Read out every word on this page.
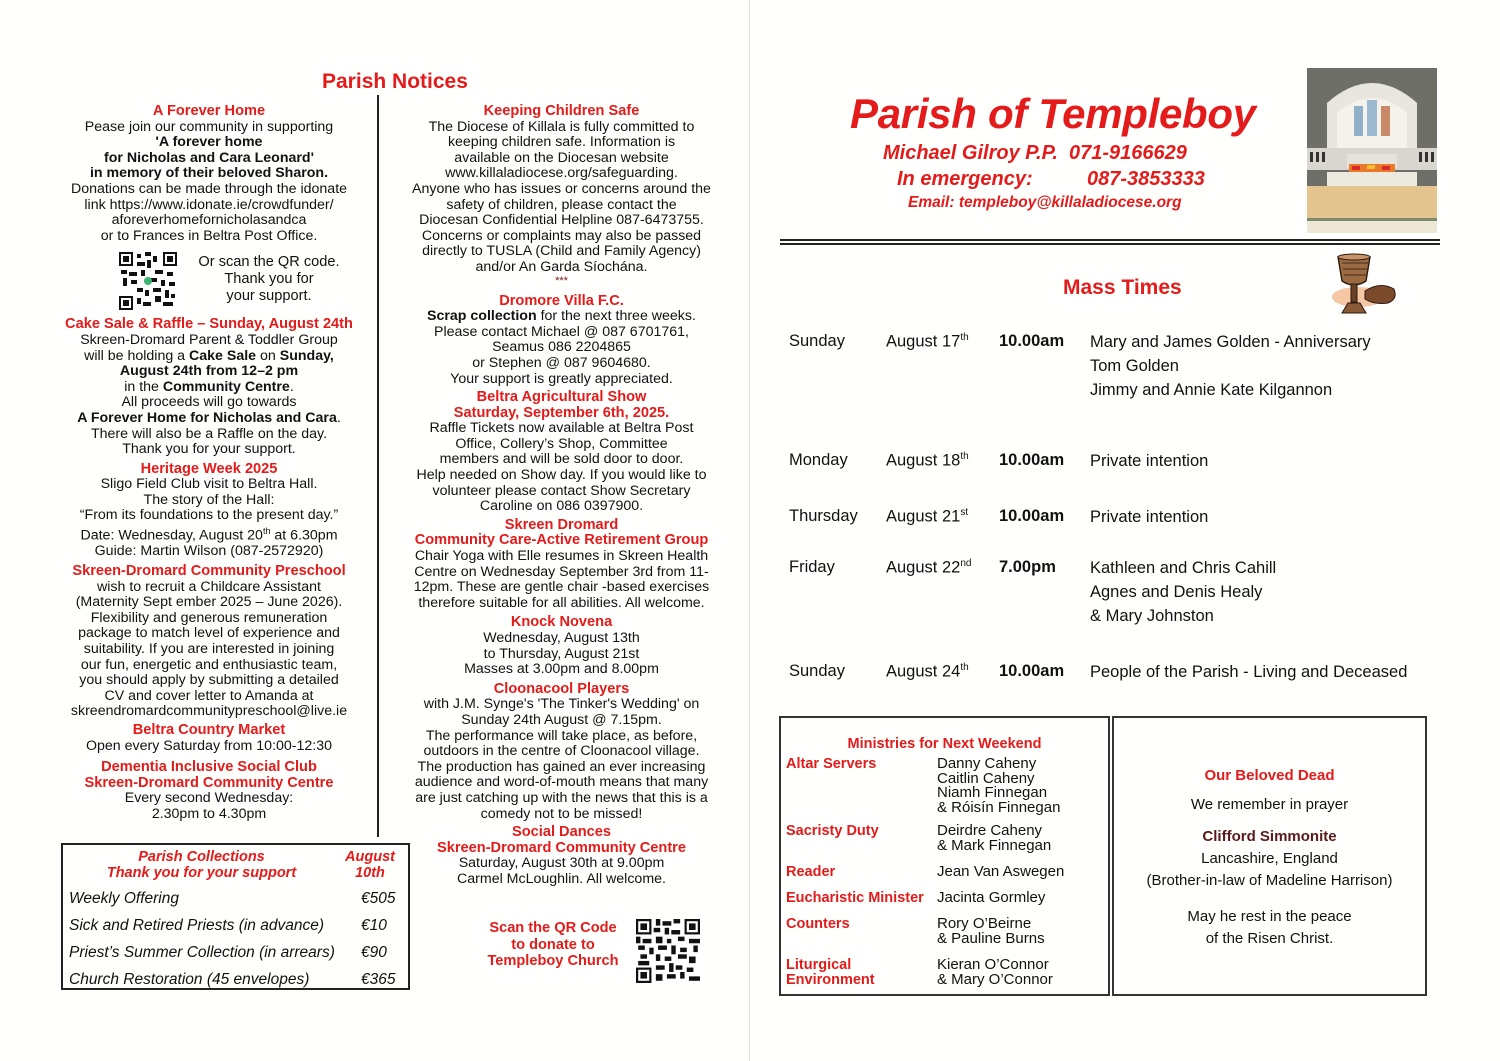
Parish Notices
A Forever Home
Pease join our community in supporting
'A forever home
for Nicholas and Cara Leonard'
in memory of their beloved Sharon.
Donations can be made through the idonate
link https://www.idonate.ie/crowdfunder/
aforeverhomefornicholasandca
or to Frances in Beltra Post Office.
Or scan the QR code.
Thank you for
your support.
Cake Sale & Raffle – Sunday, August 24th
Skreen-Dromard Parent & Toddler Group
will be holding a Cake Sale on Sunday,
August 24th from 12–2 pm
in the Community Centre.
All proceeds will go towards
A Forever Home for Nicholas and Cara.
There will also be a Raffle on the day.
Thank you for your support.
Heritage Week 2025
Sligo Field Club visit to Beltra Hall.
The story of the Hall:
“From its foundations to the present day.”
Date: Wednesday, August 20th at 6.30pm
Guide: Martin Wilson (087-2572920)
Skreen-Dromard Community Preschool
wish to recruit a Childcare Assistant
(Maternity Sept ember 2025 – June 2026).
Flexibility and generous remuneration
package to match level of experience and
suitability. If you are interested in joining
our fun, energetic and enthusiastic team,
you should apply by submitting a detailed
CV and cover letter to Amanda at
skreendromardcommunitypreschool@live.ie
Beltra Country Market
Open every Saturday from 10:00-12:30
Dementia Inclusive Social Club
Skreen-Dromard Community Centre
Every second Wednesday:
2.30pm to 4.30pm
Parish Collections
Thank you for your support
August
10th
Weekly Offering	€505
Sick and Retired Priests (in advance) €10
Priest’s Summer Collection (in arrears) €90
Church Restoration (45 envelopes)	€365
Keeping Children Safe
The Diocese of Killala is fully committed to
keeping children safe. Information is
available on the Diocesan website
www.killaladiocese.org/safeguarding.
Anyone who has issues or concerns around the
safety of children, please contact the
Diocesan Confidential Helpline 087-6473755.
Concerns or complaints may also be passed
directly to TUSLA (Child and Family Agency)
and/or An Garda Síochána.
***
Dromore Villa F.C.
Scrap collection for the next three weeks.
Please contact Michael @ 087 6701761,
Seamus 086 2204865
or Stephen @ 087 9604680.
Your support is greatly appreciated.
Beltra Agricultural Show
Saturday, September 6th, 2025.
Raffle Tickets now available at Beltra Post
Office, Collery’s Shop, Committee
members and will be sold door to door.
Help needed on Show day. If you would like to
volunteer please contact Show Secretary
Caroline on 086 0397900.
Skreen Dromard
Community Care-Active Retirement Group
Chair Yoga with Elle resumes in Skreen Health
Centre on Wednesday September 3rd from 11-
12pm. These are gentle chair -based exercises
therefore suitable for all abilities. All welcome.
Knock Novena
Wednesday, August 13th
to Thursday, August 21st
Masses at 3.00pm and 8.00pm
Cloonacool Players
with J.M. Synge's 'The Tinker's Wedding' on
Sunday 24th August @ 7.15pm.
The performance will take place, as before,
outdoors in the centre of Cloonacool village.
The production has gained an ever increasing
audience and word-of-mouth means that many
are just catching up with the news that this is a
comedy not to be missed!
Social Dances
Skreen-Dromard Community Centre
Saturday, August 30th at 9.00pm
Carmel McLoughlin. All welcome.
Scan the QR Code
to donate to
Templeboy Church
Parish of Templeboy
Michael Gilroy P.P.  071-9166629
In emergency:	087-3853333
Email: templeboy@killaladiocese.org
Mass Times
Sunday August 17th 10.00am Mary and James Golden - Anniversary
Tom Golden
Jimmy and Annie Kate Kilgannon
Monday August 18th 10.00am Private intention
Thursday August 21st 10.00am Private intention
Friday	August 22nd 7.00pm Kathleen and Chris Cahill
Agnes and Denis Healy
& Mary Johnston
Sunday August 24th 10.00am People of the Parish - Living and Deceased
Ministries for Next Weekend
Altar Servers	Danny Caheny
Caitlin Caheny
Niamh Finnegan
& Róisín Finnegan
Sacristy Duty	Deirdre Caheny
& Mark Finnegan
Reader	Jean Van Aswegen
Eucharistic Minister Jacinta Gormley
Counters	Rory O’Beirne
& Pauline Burns
Liturgical
Environment
Kieran O’Connor
& Mary O’Connor
Our Beloved Dead
We remember in prayer
Clifford Simmonite
Lancashire, England
(Brother-in-law of Madeline Harrison)
May he rest in the peace
of the Risen Christ.
